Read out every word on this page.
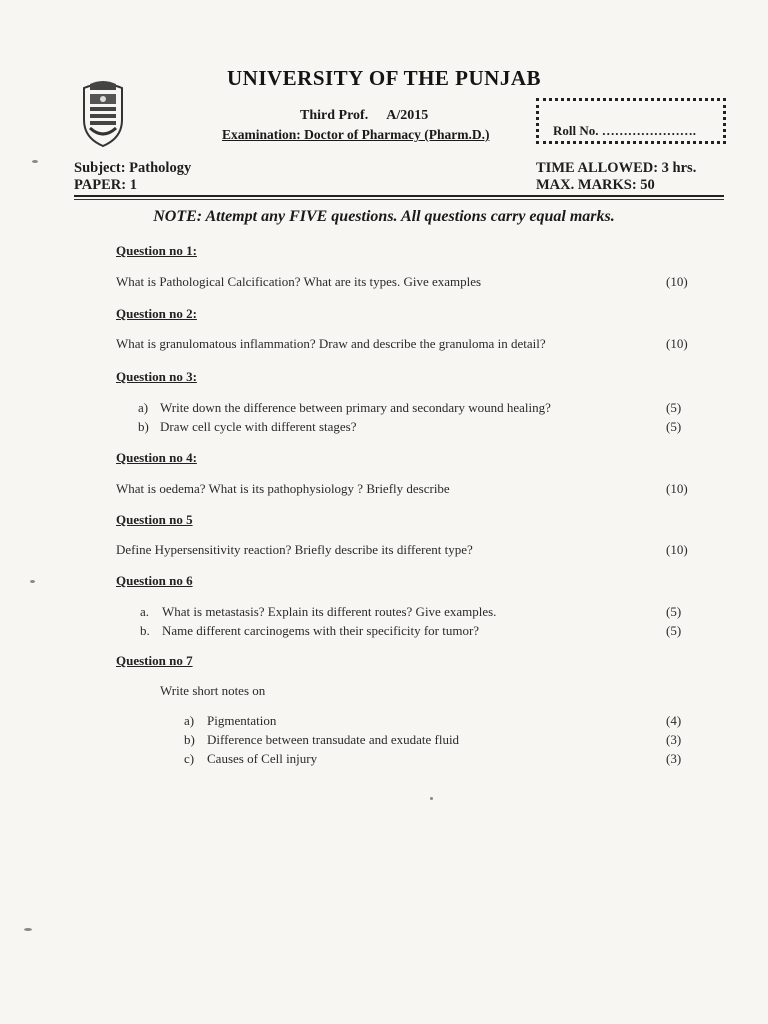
UNIVERSITY OF THE PUNJAB
Third Prof. A/2015
Examination: Doctor of Pharmacy (Pharm.D.)	Roll No. ………………….
Subject: Pathology
PAPER: 1
TIME ALLOWED: 3 hrs.
MAX. MARKS: 50
NOTE: Attempt any FIVE questions. All questions carry equal marks.
Question no 1:
What is Pathological Calcification? What are its types. Give examples	(10)
Question no 2:
What is granulomatous inflammation? Draw and describe the granuloma in detail?	(10)
Question no 3:
a) Write down the difference between primary and secondary wound healing?	(5)
b) Draw cell cycle with different stages?	(5)
Question no 4:
What is oedema? What is its pathophysiology ? Briefly describe	(10)
Question no 5
Define Hypersensitivity reaction? Briefly describe its different type?	(10)
Question no 6
a. What is metastasis? Explain its different routes? Give examples.	(5)
b. Name different carcinogems with their specificity for tumor?	(5)
Question no 7
Write short notes on
a) Pigmentation	(4)
b) Difference between transudate and exudate fluid	(3)
c) Causes of Cell injury	(3)
